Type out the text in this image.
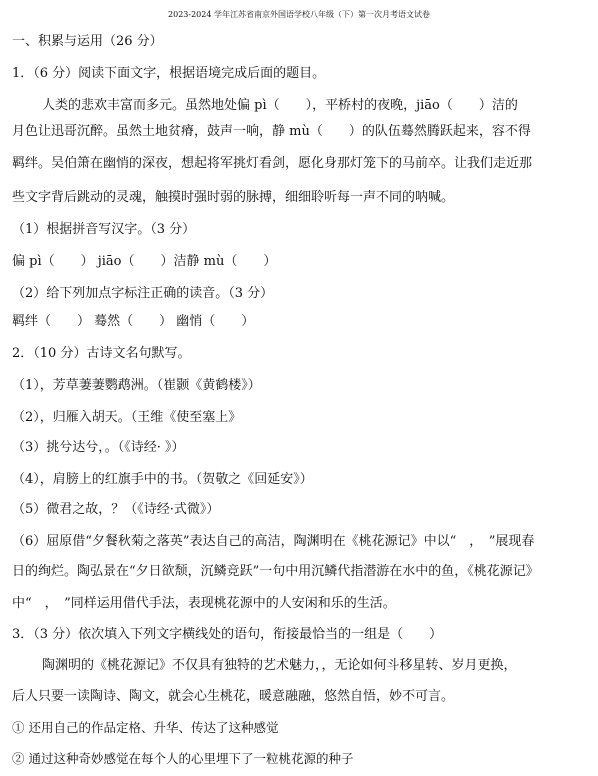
2023-2024 学年江苏省南京外国语学校八年级（下）第一次月考语文试卷
一、积累与运用（26 分）
1．（6 分）阅读下面文字，根据语境完成后面的题目。
人类的悲欢丰富而多元。虽然地处偏 pì（　　），平桥村的夜晚，jiāo（　　）洁的
月色让迅哥沉醉。虽然土地贫瘠，鼓声一响，静 mù（　　）的队伍蓦然腾跃起来，容不得
羁绊。吴伯箫在幽悄的深夜，想起将军挑灯看剑，愿化身那灯笼下的马前卒。让我们走近那
些文字背后跳动的灵魂，触摸时强时弱的脉搏，细细聆听每一声不同的呐喊。
（1）根据拼音写汉字。（3 分）
偏 pì（　　） jiāo（　　）洁静 mù（　　）
（2）给下列加点字标注正确的读音。（3 分）
羁绊（　　） 蓦然（　　） 幽悄（　　）
2．（10 分）古诗文名句默写。
（1），芳草萋萋鹦鹉洲。（崔颢《黄鹤楼》）
（2），归雁入胡天。（王维《使至塞上》
（3）挑兮达兮，。（《诗经· 》）
（4），肩膀上的红旗手中的书。（贺敬之《回延安》）
（5）微君之故，？（《诗经·式微》）
（6）屈原借“夕餐秋菊之落英”表达自己的高洁，陶渊明在《桃花源记》中以“　，　”展现春
日的绚烂。陶弘景在“夕日欲颓，沉鳞竞跃”一句中用沉鳞代指潜游在水中的鱼，《桃花源记》
中“　，　”同样运用借代手法，表现桃花源中的人安闲和乐的生活。
3．（3 分）依次填入下列文字横线处的语句，衔接最恰当的一组是（　　）
陶渊明的《桃花源记》不仅具有独特的艺术魅力，，无论如何斗移星转、岁月更换，
后人只要一读陶诗、陶文，就会心生桃花，暖意融融，悠然自悟，妙不可言。
① 还用自己的作品定格、升华、传达了这种感觉
② 通过这种奇妙感觉在每个人的心里埋下了一粒桃花源的种子
